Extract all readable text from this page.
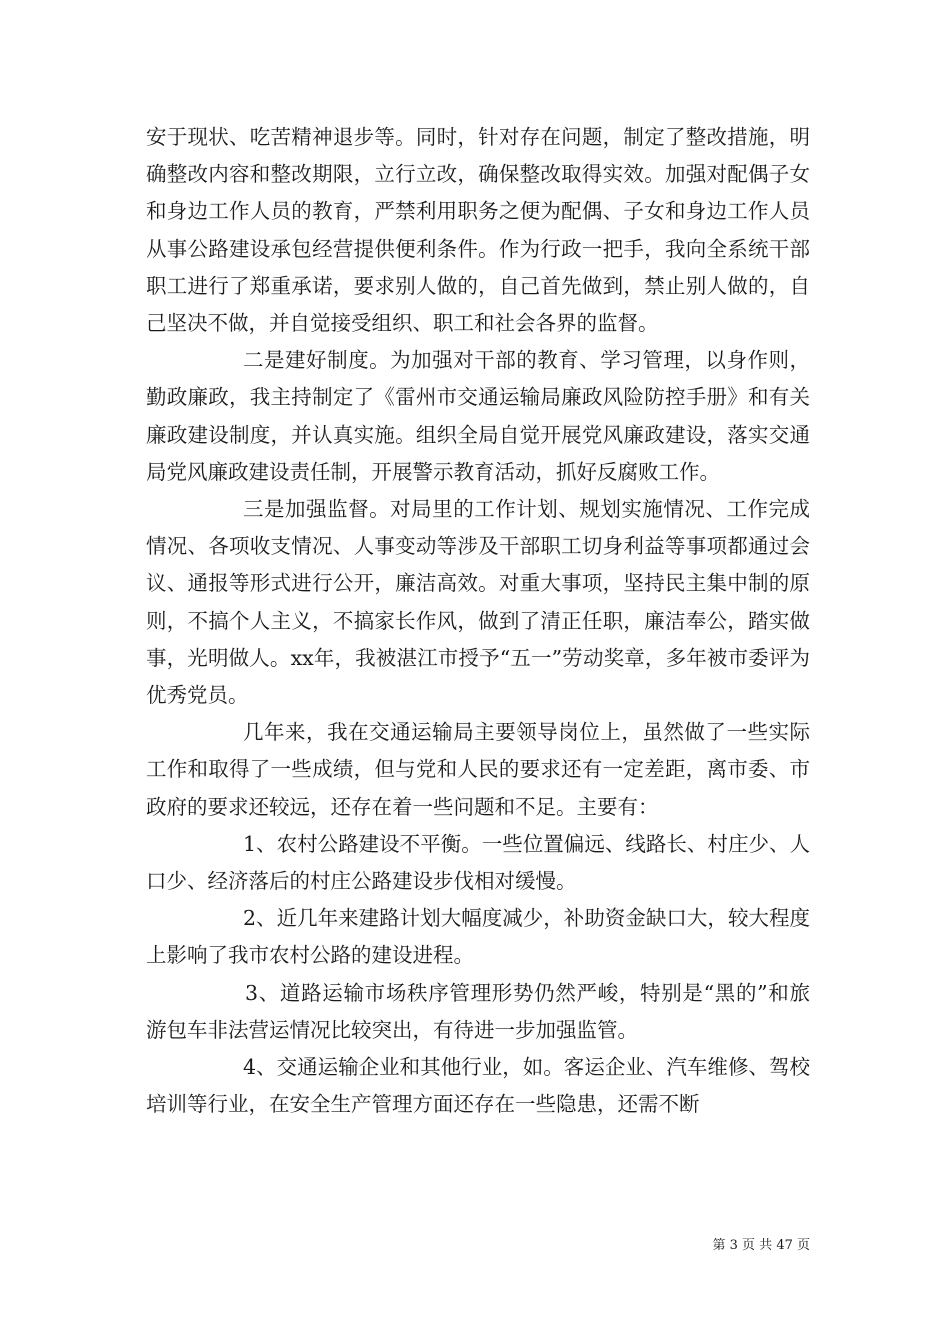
安于现状、吃苦精神退步等。同时，针对存在问题，制定了整改措施，明确整改内容和整改期限，立行立改，确保整改取得实效。加强对配偶子女和身边工作人员的教育，严禁利用职务之便为配偶、子女和身边工作人员从事公路建设承包经营提供便利条件。作为行政一把手，我向全系统干部职工进行了郑重承诺，要求别人做的，自己首先做到，禁止别人做的，自己坚决不做，并自觉接受组织、职工和社会各界的监督。

二是建好制度。为加强对干部的教育、学习管理，以身作则，勤政廉政，我主持制定了《雷州市交通运输局廉政风险防控手册》和有关廉政建设制度，并认真实施。组织全局自觉开展党风廉政建设，落实交通局党风廉政建设责任制，开展警示教育活动，抓好反腐败工作。

三是加强监督。对局里的工作计划、规划实施情况、工作完成情况、各项收支情况、人事变动等涉及干部职工切身利益等事项都通过会议、通报等形式进行公开，廉洁高效。对重大事项，坚持民主集中制的原则，不搞个人主义，不搞家长作风，做到了清正任职，廉洁奉公，踏实做事，光明做人。xx年，我被湛江市授予“五一”劳动奖章，多年被市委评为优秀党员。

几年来，我在交通运输局主要领导岗位上，虽然做了一些实际工作和取得了一些成绩，但与党和人民的要求还有一定差距，离市委、市政府的要求还较远，还存在着一些问题和不足。主要有：

1、农村公路建设不平衡。一些位置偏远、线路长、村庄少、人口少、经济落后的村庄公路建设步伐相对缓慢。

2、近几年来建路计划大幅度减少，补助资金缺口大，较大程度上影响了我市农村公路的建设进程。

3、道路运输市场秩序管理形势仍然严峻，特别是“黑的”和旅游包车非法营运情况比较突出，有待进一步加强监管。

4、交通运输企业和其他行业，如。客运企业、汽车维修、驾校培训等行业，在安全生产管理方面还存在一些隐患，还需不断

第 3 页 共 47 页
